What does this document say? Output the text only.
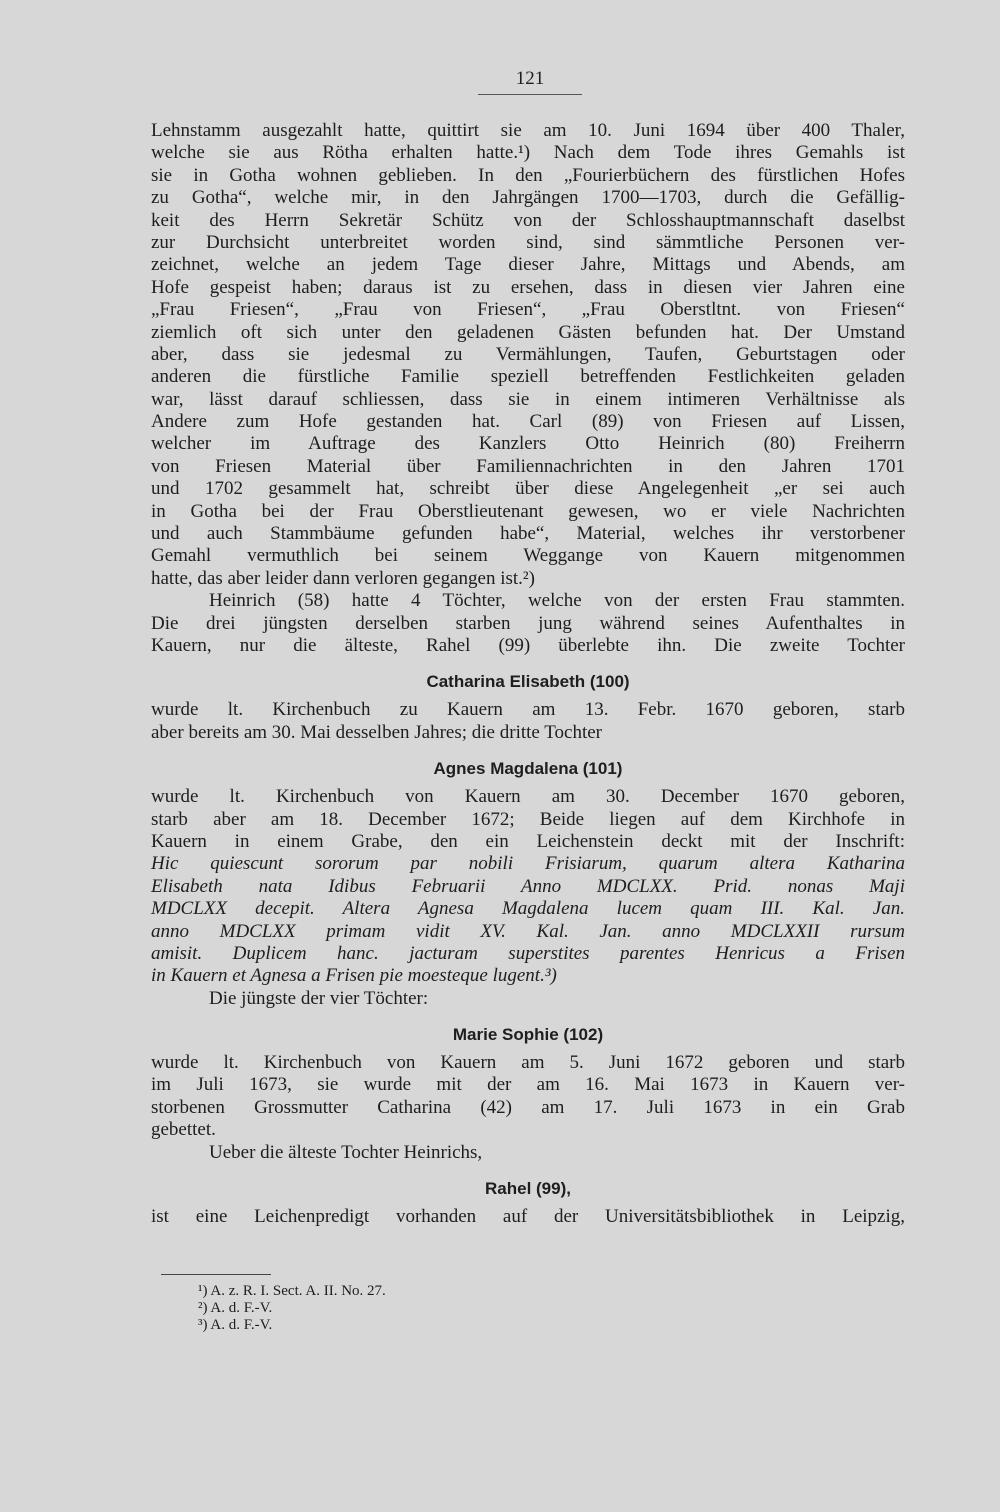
121
Lehnstamm ausgezahlt hatte, quittirt sie am 10. Juni 1694 über 400 Thaler,
welche sie aus Rötha erhalten hatte.¹) Nach dem Tode ihres Gemahls ist
sie in Gotha wohnen geblieben. In den „Fourierbüchern des fürstlichen Hofes
zu Gotha“, welche mir, in den Jahrgängen 1700—1703, durch die Gefällig-
keit des Herrn Sekretär Schütz von der Schlosshauptmannschaft daselbst
zur Durchsicht unterbreitet worden sind, sind sämmtliche Personen ver-
zeichnet, welche an jedem Tage dieser Jahre, Mittags und Abends, am
Hofe gespeist haben; daraus ist zu ersehen, dass in diesen vier Jahren eine
„Frau Friesen“, „Frau von Friesen“, „Frau Oberstltnt. von Friesen“
ziemlich oft sich unter den geladenen Gästen befunden hat. Der Umstand
aber, dass sie jedesmal zu Vermählungen, Taufen, Geburtstagen oder
anderen die fürstliche Familie speziell betreffenden Festlichkeiten geladen
war, lässt darauf schliessen, dass sie in einem intimeren Verhältnisse als
Andere zum Hofe gestanden hat. Carl (89) von Friesen auf Lissen,
welcher im Auftrage des Kanzlers Otto Heinrich (80) Freiherrn
von Friesen Material über Familiennachrichten in den Jahren 1701
und 1702 gesammelt hat, schreibt über diese Angelegenheit „er sei auch
in Gotha bei der Frau Oberstlieutenant gewesen, wo er viele Nachrichten
und auch Stammbäume gefunden habe“, Material, welches ihr verstorbener
Gemahl vermuthlich bei seinem Weggange von Kauern mitgenommen
hatte, das aber leider dann verloren gegangen ist.²)
Heinrich (58) hatte 4 Töchter, welche von der ersten Frau stammten.
Die drei jüngsten derselben starben jung während seines Aufenthaltes in
Kauern, nur die älteste, Rahel (99) überlebte ihn. Die zweite Tochter
Catharina Elisabeth (100)
wurde lt. Kirchenbuch zu Kauern am 13. Febr. 1670 geboren, starb
aber bereits am 30. Mai desselben Jahres; die dritte Tochter
Agnes Magdalena (101)
wurde lt. Kirchenbuch von Kauern am 30. December 1670 geboren,
starb aber am 18. December 1672; Beide liegen auf dem Kirchhofe in
Kauern in einem Grabe, den ein Leichenstein deckt mit der Inschrift:
Hic quiescunt sororum par nobili Frisiarum, quarum altera Katharina
Elisabeth nata Idibus Februarii Anno MDCLXX. Prid. nonas Maji
MDCLXX decepit. Altera Agnesa Magdalena lucem quam III. Kal. Jan.
anno MDCLXX primam vidit XV. Kal. Jan. anno MDCLXXII rursum
amisit. Duplicem hanc. jacturam superstites parentes Henricus a Frisen
in Kauern et Agnesa a Frisen pie moesteque lugent.³)
Die jüngste der vier Töchter:
Marie Sophie (102)
wurde lt. Kirchenbuch von Kauern am 5. Juni 1672 geboren und starb
im Juli 1673, sie wurde mit der am 16. Mai 1673 in Kauern ver-
storbenen Grossmutter Catharina (42) am 17. Juli 1673 in ein Grab
gebettet.
Ueber die älteste Tochter Heinrichs,
Rahel (99),
ist eine Leichenpredigt vorhanden auf der Universitätsbibliothek in Leipzig,
¹) A. z. R. I. Sect. A. II. No. 27.
²) A. d. F.-V.
³) A. d. F.-V.
